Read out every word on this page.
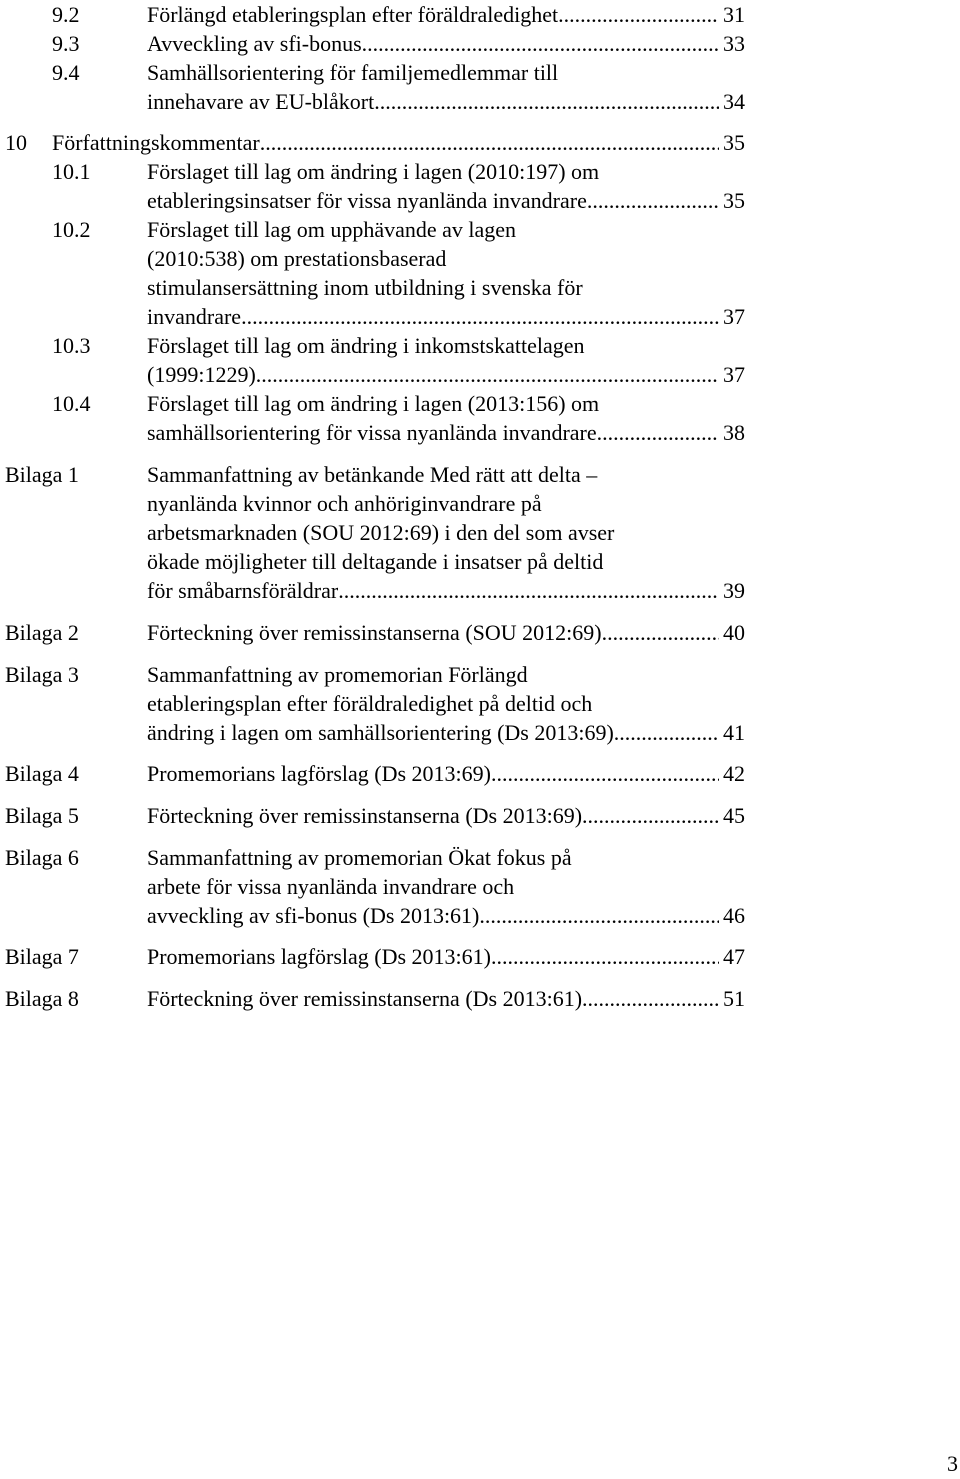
9.2	Förlängd etableringsplan efter föräldraledighet .....	31
9.3	Avveckling av sfi-bonus .....	33
9.4	Samhällsorientering för familjemedlemmar till
innehavare av EU-blåkort .....	34
10 Författningskommentar .....	35
10.1	Förslaget till lag om ändring i lagen (2010:197) om
etableringsinsatser för vissa nyanlända invandrare .....	35
10.2	Förslaget till lag om upphävande av lagen
(2010:538) om prestationsbaserad
stimulansersättning inom utbildning i svenska för
invandrare .....	37
10.3	Förslaget till lag om ändring i inkomstskattelagen
(1999:1229) .....	37
10.4	Förslaget till lag om ändring i lagen (2013:156) om
samhällsorientering för vissa nyanlända invandrare .....	38
Bilaga 1	Sammanfattning av betänkande Med rätt att delta –
nyanlända kvinnor och anhöriginvandrare på
arbetsmarknaden (SOU 2012:69) i den del som avser
ökade möjligheter till deltagande i insatser på deltid
för småbarnsföräldrar .....	39
Bilaga 2	Förteckning över remissinstanserna (SOU 2012:69) .....	40
Bilaga 3	Sammanfattning av promemorian Förlängd
etableringsplan efter föräldraledighet på deltid och
ändring i lagen om samhällsorientering (Ds 2013:69) .....	41
Bilaga 4	Promemorians lagförslag (Ds 2013:69) .....	42
Bilaga 5	Förteckning över remissinstanserna (Ds 2013:69) .....	45
Bilaga 6	Sammanfattning av promemorian Ökat fokus på
arbete för vissa nyanlända invandrare och
avveckling av sfi-bonus (Ds 2013:61) .....	46
Bilaga 7	Promemorians lagförslag (Ds 2013:61) .....	47
Bilaga 8	Förteckning över remissinstanserna (Ds 2013:61) .....	51
3
